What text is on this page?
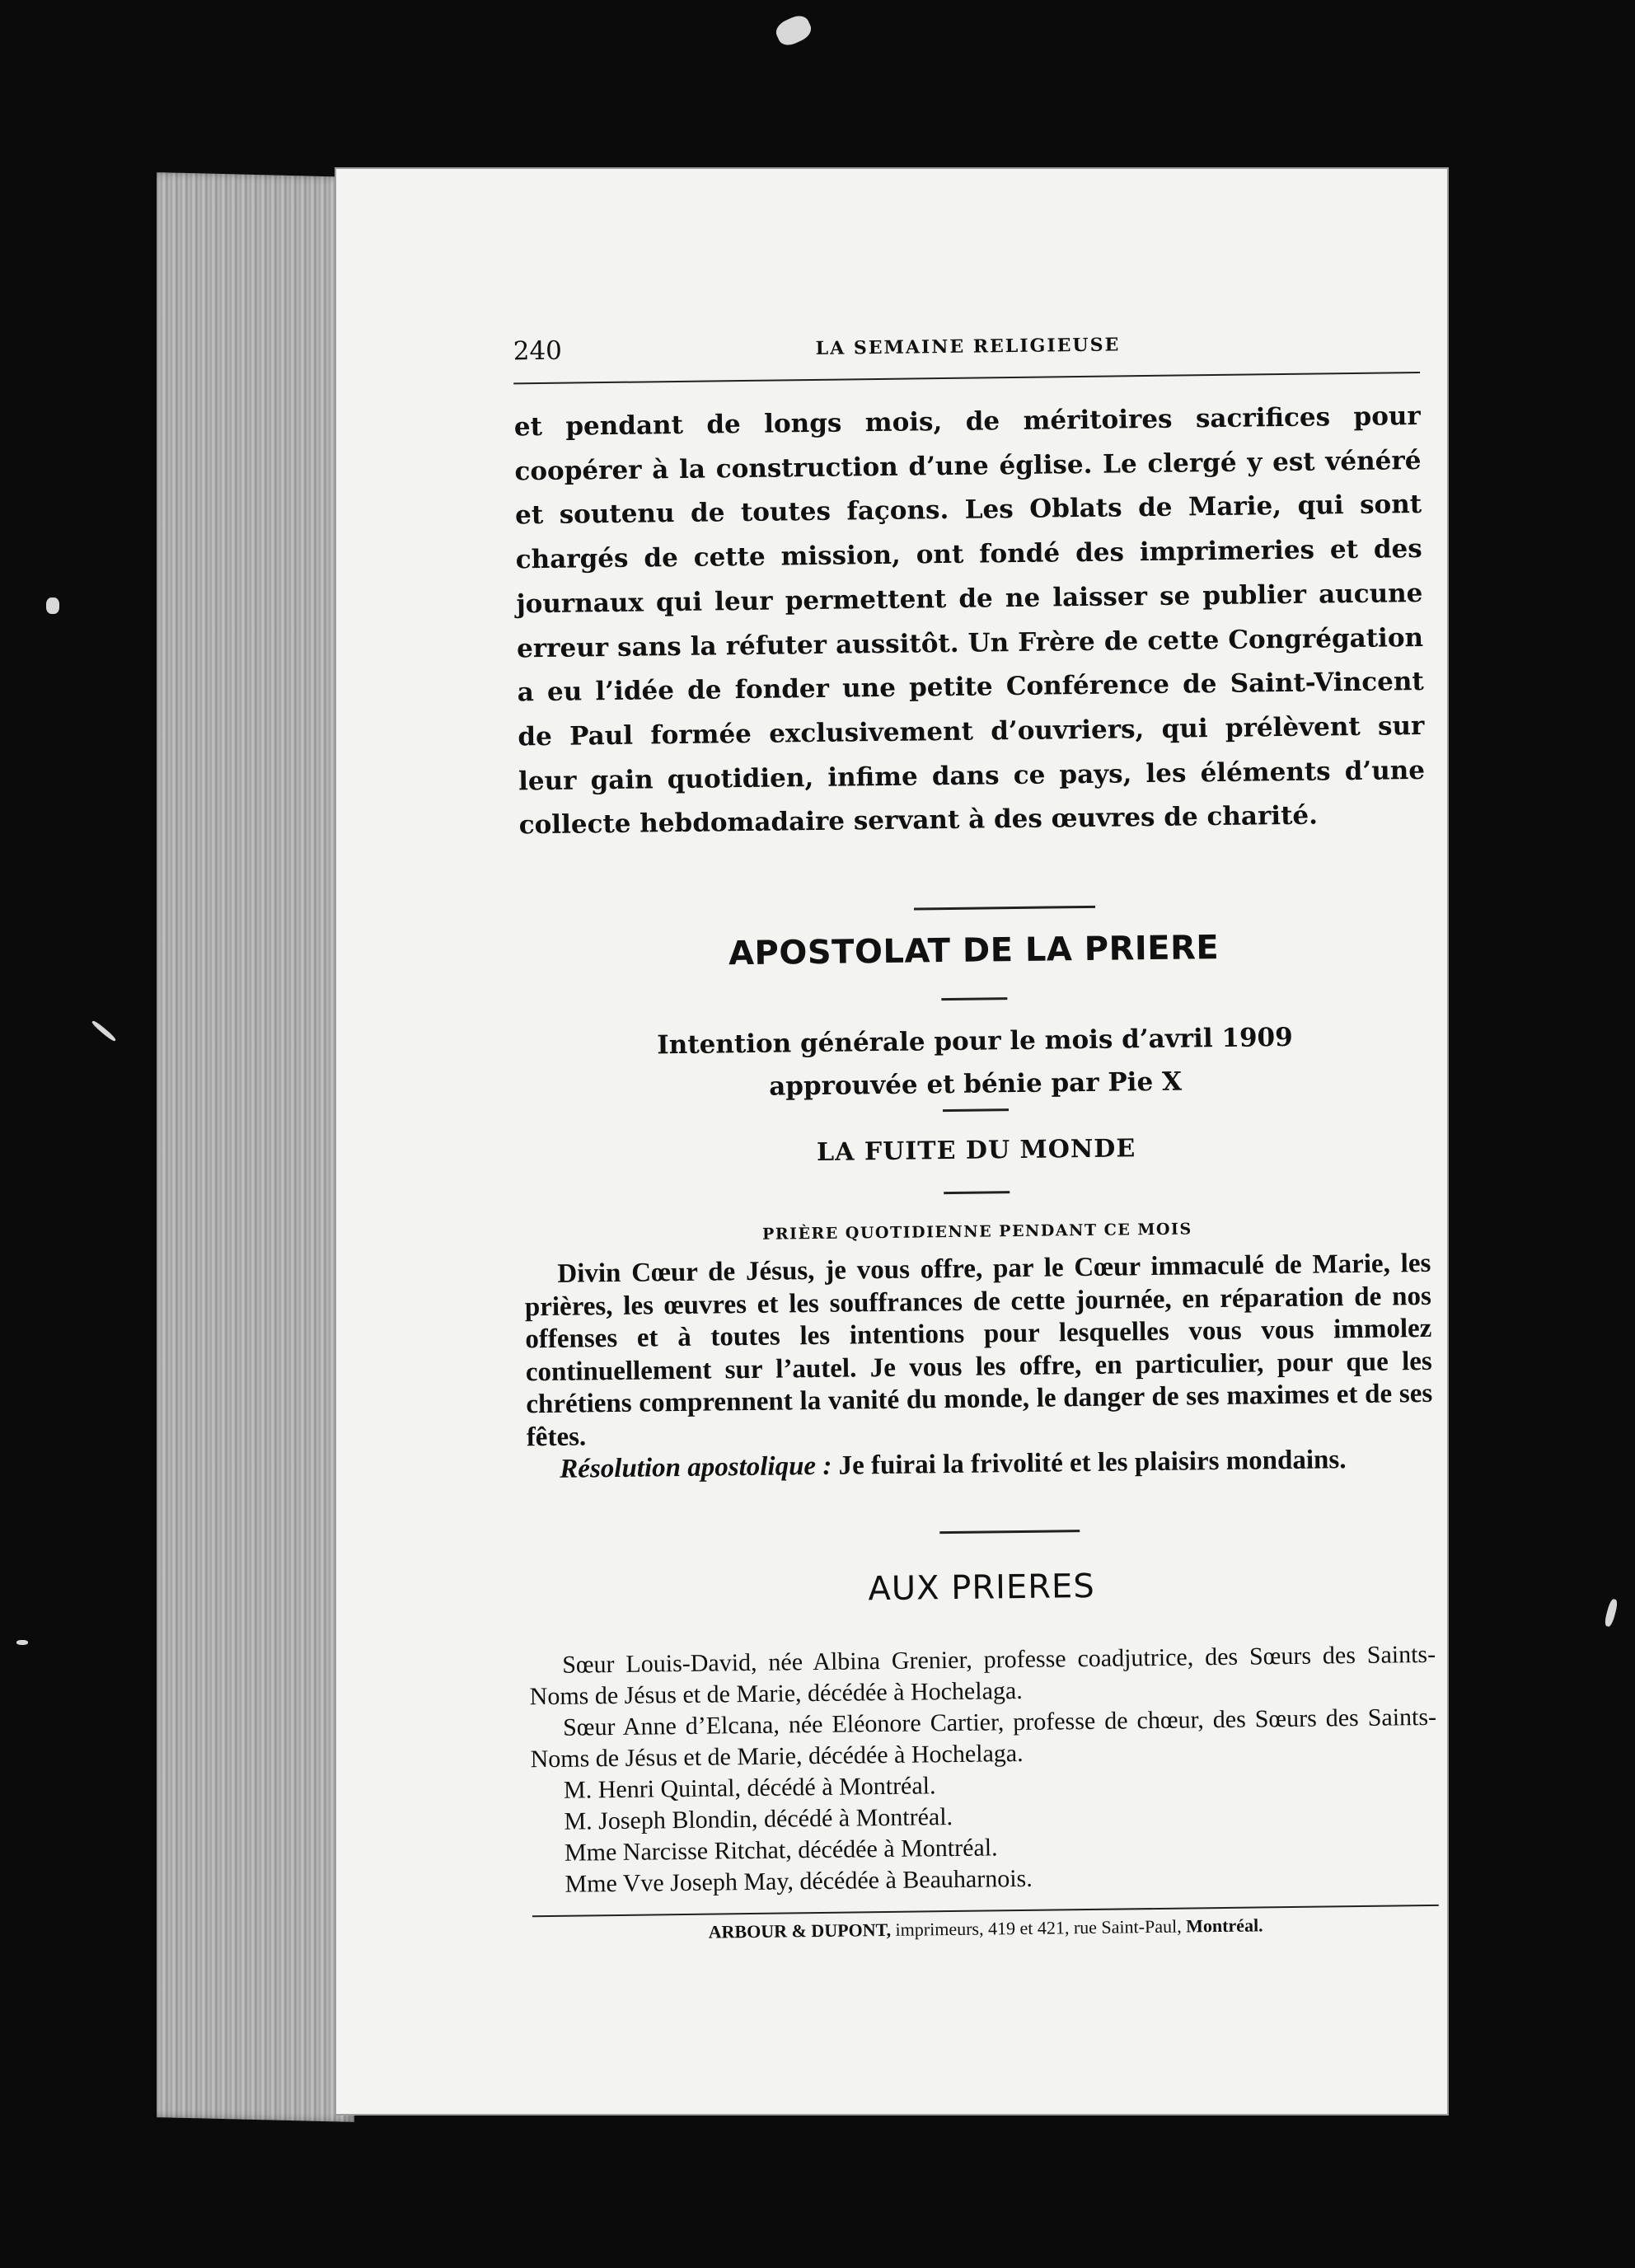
240	LA SEMAINE RELIGIEUSE
et pendant de longs mois, de méritoires sacrifices pour coopérer à la construction d’une église. Le clergé y est vénéré et soutenu de toutes façons. Les Oblats de Marie, qui sont chargés de cette mission, ont fondé des imprimeries et des journaux qui leur permettent de ne laisser se publier aucune erreur sans la réfuter aussitôt. Un Frère de cette Congrégation a eu l’idée de fonder une petite Conférence de Saint-Vincent de Paul formée exclusivement d’ouvriers, qui prélèvent sur leur gain quotidien, infime dans ce pays, les éléments d’une collecte hebdomadaire servant à des œuvres de charité.
APOSTOLAT DE LA PRIERE
Intention générale pour le mois d’avril 1909
approuvée et bénie par Pie X
LA FUITE DU MONDE
PRIÈRE QUOTIDIENNE PENDANT CE MOIS

Divin Cœur de Jésus, je vous offre, par le Cœur immaculé de Marie, les prières, les œuvres et les souffrances de cette journée, en réparation de nos offenses et à toutes les intentions pour lesquelles vous vous immolez continuellement sur l’autel. Je vous les offre, en particulier, pour que les chrétiens comprennent la vanité du monde, le danger de ses maximes et de ses fêtes.

Résolution apostolique : Je fuirai la frivolité et les plaisirs mondains.

AUX PRIERES
Sœur Louis-David, née Albina Grenier, professe coadjutrice, des Sœurs des Saints-Noms de Jésus et de Marie, décédée à Hochelaga.
Sœur Anne d’Elcana, née Eléonore Cartier, professe de chœur, des Sœurs des Saints-Noms de Jésus et de Marie, décédée à Hochelaga.
M. Henri Quintal, décédé à Montréal.
M. Joseph Blondin, décédé à Montréal.
Mme Narcisse Ritchat, décédée à Montréal.
Mme Vve Joseph May, décédée à Beauharnois.
ARBOUR & DUPONT, imprimeurs, 419 et 421, rue Saint-Paul, Montréal.
